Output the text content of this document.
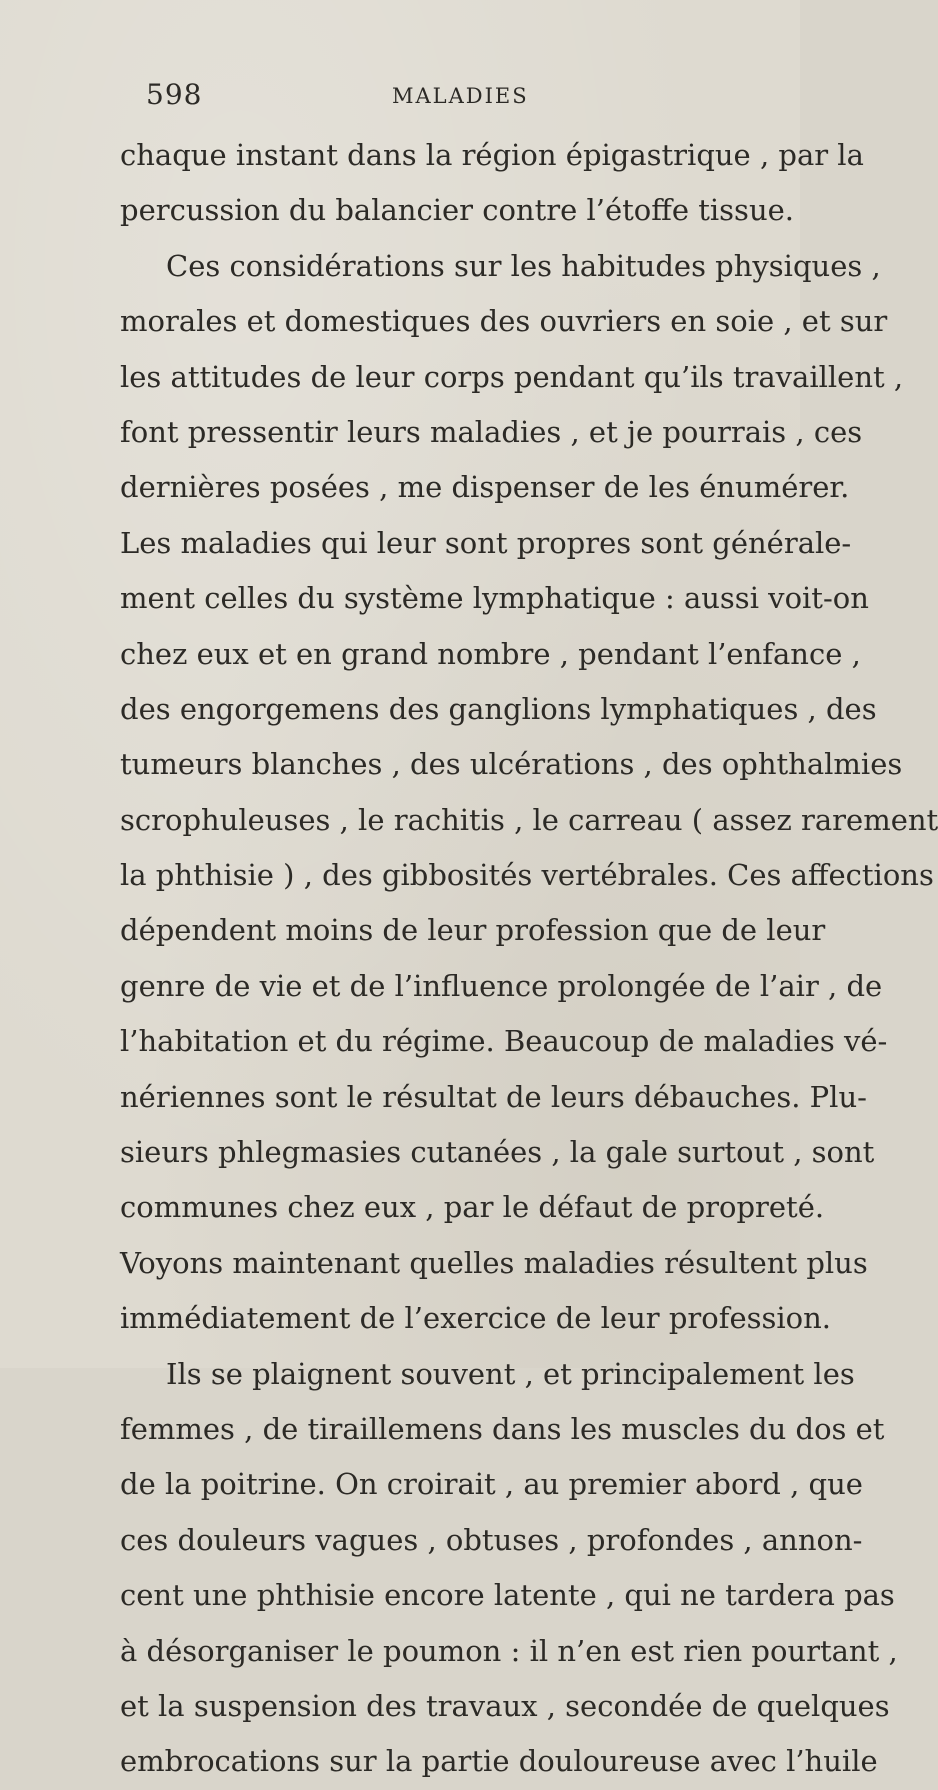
598	MALADIES
chaque instant dans la région épigastrique , par la
percussion du balancier contre l’étoffe tissue.
Ces considérations sur les habitudes physiques ,
morales et domestiques des ouvriers en soie , et sur
les attitudes de leur corps pendant qu’ils travaillent ,
font pressentir leurs maladies , et je pourrais , ces
dernières posées , me dispenser de les énumérer.
Les maladies qui leur sont propres sont générale-
ment celles du système lymphatique : aussi voit-on
chez eux et en grand nombre , pendant l’enfance ,
des engorgemens des ganglions lymphatiques , des
tumeurs blanches , des ulcérations , des ophthalmies
scrophuleuses , le rachitis , le carreau ( assez rarement
la phthisie ) , des gibbosités vertébrales. Ces affections
dépendent moins de leur profession que de leur
genre de vie et de l’influence prolongée de l’air , de
l’habitation et du régime. Beaucoup de maladies vé-
nériennes sont le résultat de leurs débauches. Plu-
sieurs phlegmasies cutanées , la gale surtout , sont
communes chez eux , par le défaut de propreté.
Voyons maintenant quelles maladies résultent plus
immédiatement de l’exercice de leur profession.
Ils se plaignent souvent , et principalement les
femmes , de tiraillemens dans les muscles du dos et
de la poitrine. On croirait , au premier abord , que
ces douleurs vagues , obtuses , profondes , annon-
cent une phthisie encore latente , qui ne tardera pas
à désorganiser le poumon : il n’en est rien pourtant ,
et la suspension des travaux , secondée de quelques
embrocations sur la partie douloureuse avec l’huile
